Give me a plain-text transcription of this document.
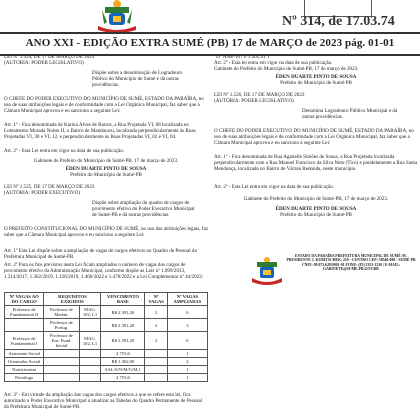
Nº 314, de 17.03.74
ANO XXI - EDIÇÃO EXTRA SUMÉ (PB) 17 de MARÇO de 2023 pág. 01-01
LEI Nº 1.524, DE 17 DE MARÇO DE 2023
(AUTORIA: PODER LEGISLATIVO)
Dispõe sobre a denominação de Logradouro Público do Município de Sumé e dá outras providências.
O CHEFE DO PODER EXECUTIVO DO MUNICÍPIO DE SUMÉ, ESTADO DA PARAÍBA, no uso de suas atribuições legais e de conformidade com a Lei Orgânica Municipal, faz saber que a Câmara Municipal aprovou e eu sanciono a seguinte Lei:
Art. 1º - Fica denominada de Karina Alves de Barros, a Rua Projetada VI, 08 localizada no Loteamento Morada Nobre II, o Bairro de Mandacaru, localizada perpendicularmente às Ruas Projetadas VI, 30 e VI, 12, e perpendicularmente às Ruas Projetadas VI, 02 e VI, 04.
Art. 2º - Esta Lei entra em vigor na data de sua publicação.
Gabinete do Prefeito do Município de Sumé-PB, 17 de março de 2023.
ÉDEN DUARTE PINTO DE SOUSA
Prefeito do Município de Sumé-PB
LEI Nº 1.525, DE 17 DE MARÇO DE 2023
(AUTORIA: PODER EXECUTIVO)
Dispõe sobre ampliação do quadro de cargos de provimento efetivo do Poder Executivo Municipal de Sumé-PB e dá outras providências.
O PREFEITO CONSTITUCIONAL DO MUNICÍPIO DE SUMÉ, no uso das atribuições legais, faz saber que a Câmara Municipal aprovou e eu sanciono a seguinte Lei:
Art. 1º Esta Lei dispõe sobre a ampliação de vagas de cargos efetivos no Quadro de Pessoal da Prefeitura Municipal de Sumé-PB.
Art. 2º Para os fins previstos nesta Lei ficam ampliados o número de vagas dos cargos de provimento efetivo da Administração Municipal, conforme dispõe as Leis nº 1.099/2013, 1.214/2017, 1.302/2019, 1.326/2019, 1.460/2022 e 1.478/2022 e a Lei Complementar nº 44/2022:
Nº VAGAS AO DO CARGO	REQUISITOS EXIGIDOS		VENCIMENTO BASE	Nº VAGAS	Nº VAGAS AMPLIADAS
Professor de Fundamental II	Professor de Matem.	MAG. 102, L1	R$ 2.391,20	2	6
	Professor de Portug.		R$ 2.391,20	2	3
Professor de Fundamental I	Professor de Ens. Fund. Inicial	MAG. 102, L1	R$ 2.391,20	2	6
Assistente Social			2.753,6		1
Orientador Social			R$ 1.302,00		2
Nutricionista			SAL/S/N/M/G/M,1		1
Psicólogo			2.753,6		1
Art. 3º - Em virtude da ampliação das vagas dos cargos efetivos a que se refere esta lei, fica autorizado o Poder Executivo Municipal a atualizar as Tabelas do Quadro Permanente de Pessoal da Prefeitura Municipal de Sumé-PB.
"D" ANE-107 6 1.301,41 1
Art. 2º - Esta lei entra em vigor na data de sua publicação.
Gabinete do Prefeito do Município de Sumé-PB, 17 de março de 2023.
ÉDEN DUARTE PINTO DE SOUSA
Prefeito do Município de Sumé-PB
LEI Nº 1.526, DE 17 DE MARÇO DE 2023
(AUTORIA: PODER LEGISLATIVO)
Denomina Logradouro Público Municipal e dá outras providências.
O CHEFE DO PODER EXECUTIVO DO MUNICÍPIO DE SUMÉ, ESTADO DA PARAÍBA, no uso de suas atribuições legais e de conformidade com a Lei Orgânica Municipal, faz saber que a Câmara Municipal aprovou e eu sanciono a seguinte Lei:
Art. 1º - Fica denominada de Rua Agatielle Simões de Sousa, a Rua Projetada localizada perpendicularmente com a Rua Manoel Francisco da Silva Neto (Tico) e paralelamente a Rua Santa Mendonça, localizada no Bairro de Várzea Redonda, neste município.
Art. 2º - Esta Lei entra em vigor na data de sua publicação.
Gabinete do Prefeito do Município de Sumé-PB, 17 de março de 2023.
ÉDEN DUARTE PINTO DE SOUSA
Prefeito do Município de Sumé-PB
ESTADO DA PARAÍBA PREFEITURA MUNICIPAL DE SUMÉ AV. PRESIDENTE J. KUBITSCHEK, 210 - CENTRO CEP: 58540-000 - SUMÉ-PB CNPJ: 09.073.628/0001-91 FONE: (83) 3353-1330 | E-MAIL: GABINETE@SUME.PB.GOV.BR
